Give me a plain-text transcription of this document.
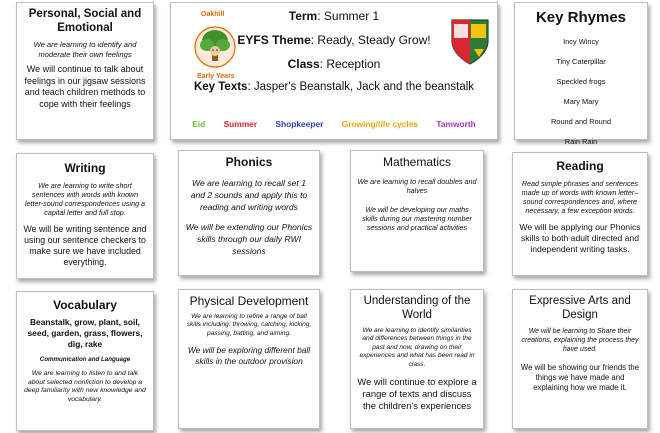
Personal, Social and
Emotional

We are learning to identify and moderate their own feelings

We will continue to talk about feelings in our jigsaw sessions and teach children methods to cope with their feelings

Oakhill
Early Years
Term: Summer 1
EYFS Theme: Ready, Steady Grow!
Class: Reception
Key Texts: Jasper's Beanstalk, Jack and the beanstalk
Eid Summer Shopkeeper Growing/life cycles Tamworth
Key Rhymes

Incy Wincy

Tiny Caterpillar

Speckled frogs

Mary Mary

Round and Round

Rain Rain

Writing

We are learning to write short sentences with words with known letter-sound correspondences using a capital letter and full stop.

We will be writing sentence and using our sentence checkers to make sure we have included everything.

Phonics

We are learning to recall set 1 and 2 sounds and apply this to reading and writing words

We will be extending our Phonics skills through our daily RWI sessions

Mathematics

We are learning to recall doubles and halves

We will be developing our maths skills during our mastering number sessions and practical activities

Reading

Read simple phrases and sentences made up of words with known letter–sound correspondences and, where necessary, a few exception words.

We will be applying our Phonics skills to both adult directed and independent writing tasks.

Vocabulary

Beanstalk, grow, plant, soil, seed, garden, grass, flowers, dig, rake

Communication and Language

We are learning to listen to and talk about selected nonfiction to develop a deep familiarity with new knowledge and vocabulary.

Physical Development

We are learning to refine a range of ball skills including: throwing, catching, kicking, passing, batting, and aiming.

We will be exploring different ball skills in the outdoor provision

Understanding of the
World

We are learning to identify similarities and differences between things in the past and now, drawing on their experiences and what has been read in class.

We will continue to explore a range of texts and discuss the children's experiences

Expressive Arts and
Design

We will be learning to Share their creations, explaining the process they have used.

We will be showing our friends the things we have made and explaining how we made it.
